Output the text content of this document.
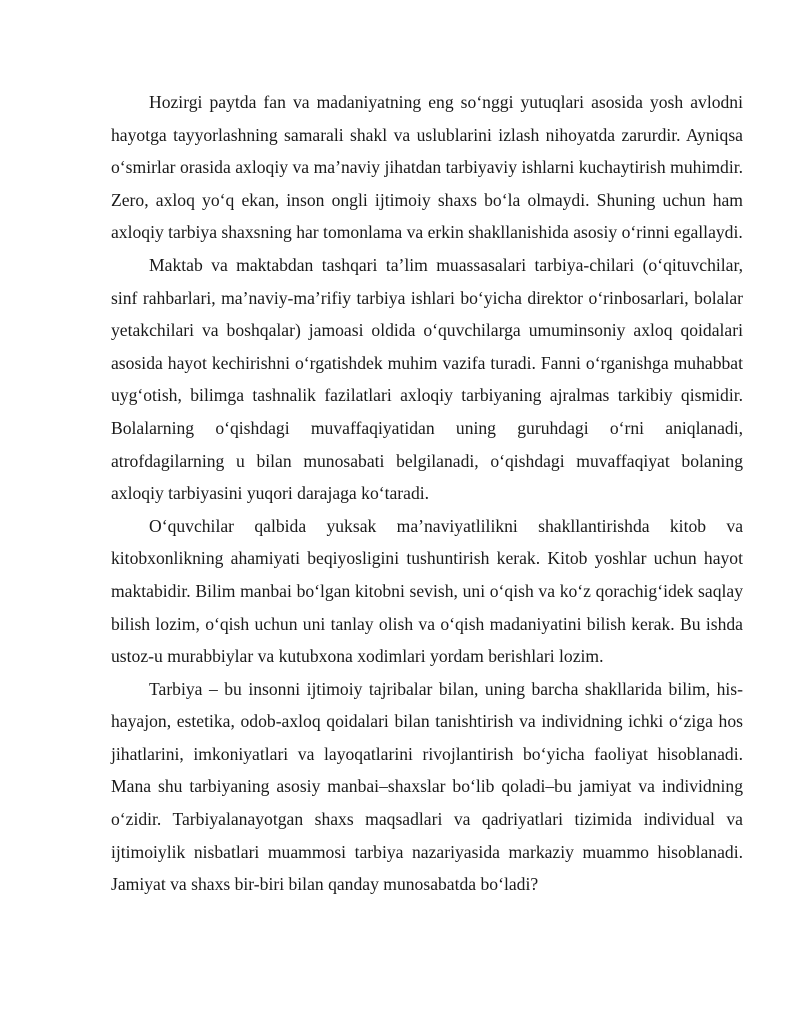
Hozirgi paytda fan va madaniyatning eng so‘nggi yutuqlari asosida yosh avlodni hayotga tayyorlashning samarali shakl va uslublarini izlash nihoyatda zarurdir. Ayniqsa o‘smirlar orasida axloqiy va ma’naviy jihatdan tarbiyaviy ishlarni kuchaytirish muhimdir. Zero, axloq yo‘q ekan, inson ongli ijtimoiy shaxs bo‘la olmaydi. Shuning uchun ham axloqiy tarbiya shaxsning har tomonlama va erkin shakllanishida asosiy o‘rinni egallaydi.

Maktab va maktabdan tashqari ta’lim muassasalari tarbiya-chilari (o‘qituvchilar, sinf rahbarlari, ma’naviy-ma’rifiy tarbiya ishlari bo‘yicha direktor o‘rinbosarlari, bolalar yetakchilari va boshqalar) jamoasi oldida o‘quvchilarga umuminsoniy axloq qoidalari asosida hayot kechirishni o‘rgatishdek muhim vazifa turadi. Fanni o‘rganishga muhabbat uyg‘otish, bilimga tashnalik fazilatlari axloqiy tarbiyaning ajralmas tarkibiy qismidir. Bolalarning o‘qishdagi muvaffaqiyatidan uning guruhdagi o‘rni aniqlanadi, atrofdagilarning u bilan munosabati belgilanadi, o‘qishdagi muvaffaqiyat bolaning axloqiy tarbiyasini yuqori darajaga ko‘taradi.

O‘quvchilar qalbida yuksak ma’naviyatlilikni shakllantirishda kitob va kitobxonlikning ahamiyati beqiyosligini tushuntirish kerak. Kitob yoshlar uchun hayot maktabidir. Bilim manbai bo‘lgan kitobni sevish, uni o‘qish va ko‘z qorachig‘idek saqlay bilish lozim, o‘qish uchun uni tanlay olish va o‘qish madaniyatini bilish kerak. Bu ishda ustoz-u murabbiylar va kutubxona xodimlari yordam berishlari lozim.

Tarbiya – bu insonni ijtimoiy tajribalar bilan, uning barcha shakllarida bilim, his-hayajon, estetika, odob-axloq qoidalari bilan tanishtirish va individning ichki o‘ziga hos jihatlarini, imkoniyatlari va layoqatlarini rivojlantirish bo‘yicha faoliyat hisoblanadi. Mana shu tarbiyaning asosiy manbai–shaxslar bo‘lib qoladi–bu jamiyat va individning o‘zidir. Tarbiyalanayotgan shaxs maqsadlari va qadriyatlari tizimida individual va ijtimoiylik nisbatlari muammosi tarbiya nazariyasida markaziy muammo hisoblanadi. Jamiyat va shaxs bir-biri bilan qanday munosabatda bo‘ladi?
